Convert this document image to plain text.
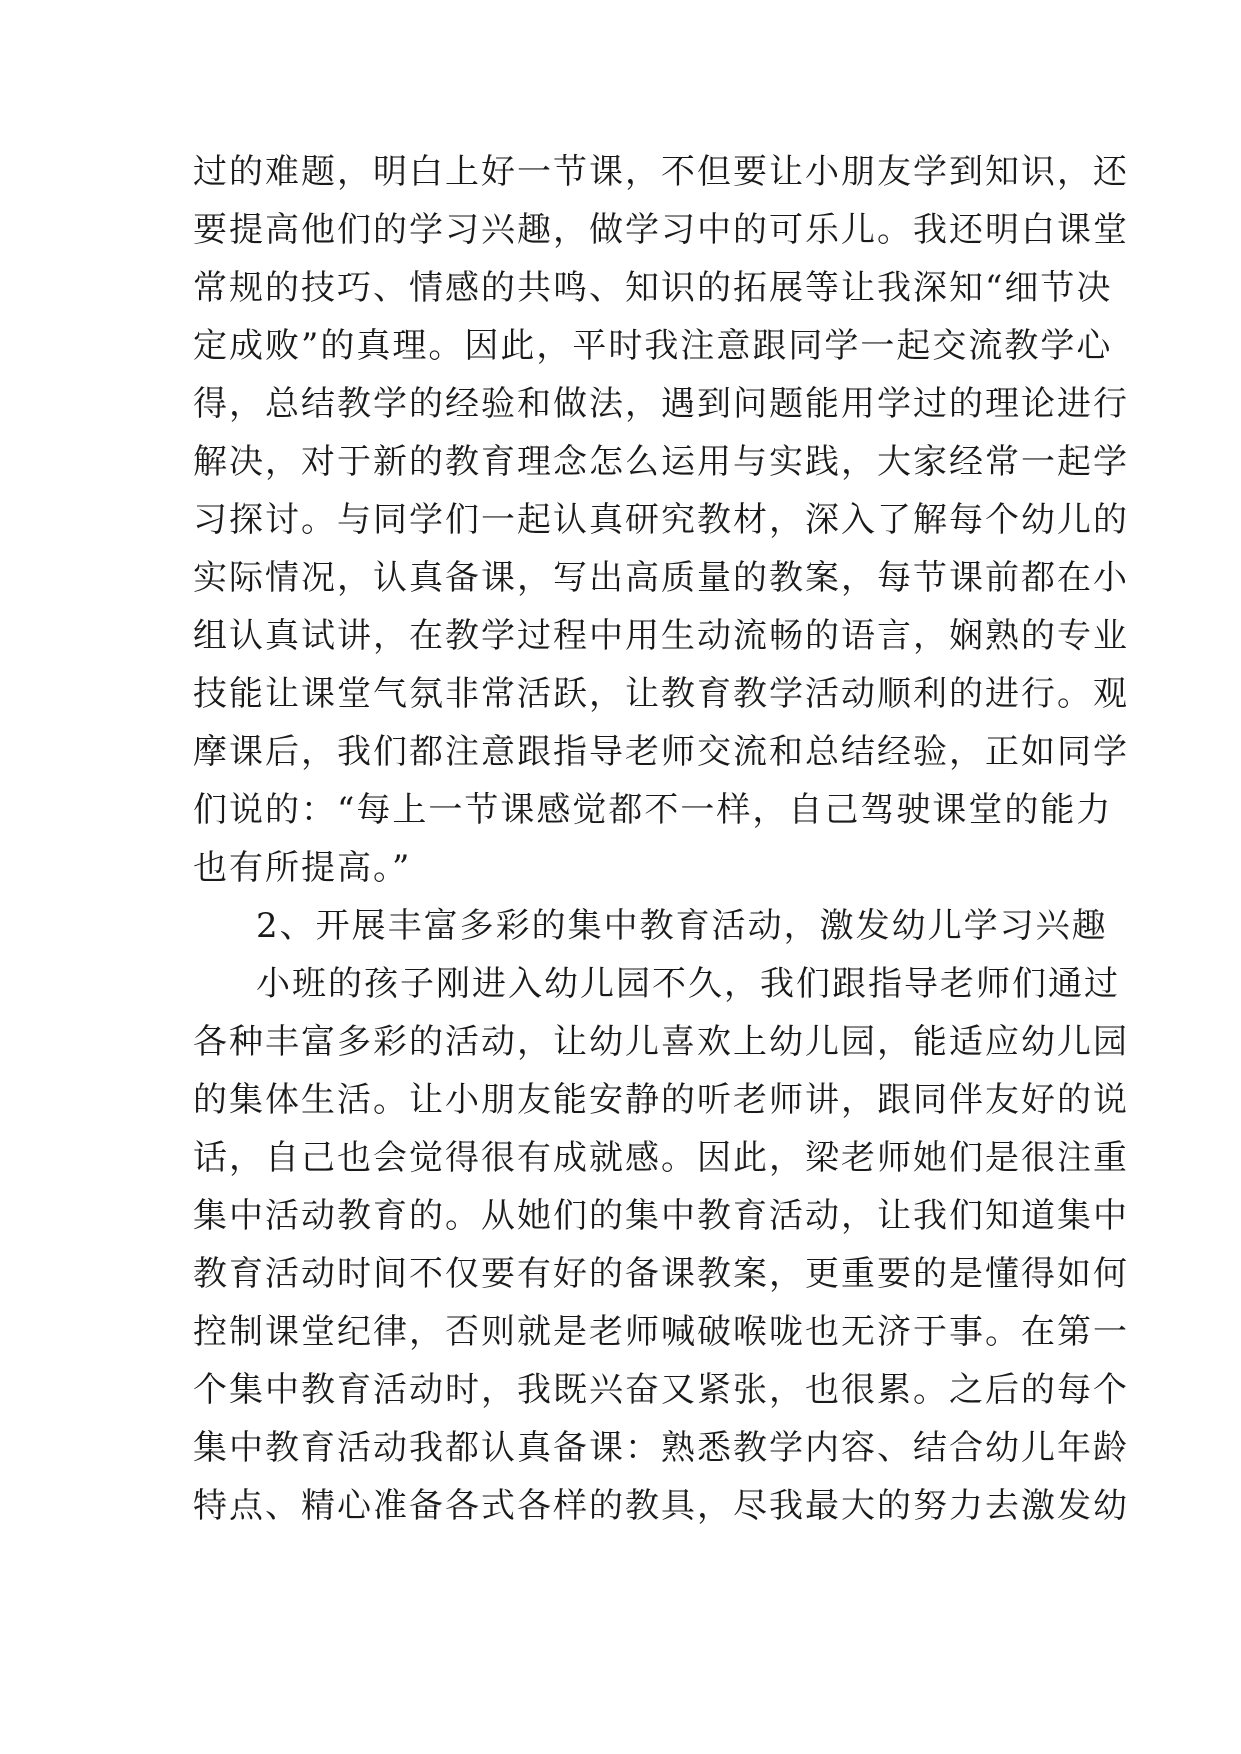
过的难题，明白上好一节课，不但要让小朋友学到知识，还
要提高他们的学习兴趣，做学习中的可乐儿。我还明白课堂
常规的技巧、情感的共鸣、知识的拓展等让我深知“细节决
定成败”的真理。因此，平时我注意跟同学一起交流教学心
得，总结教学的经验和做法，遇到问题能用学过的理论进行
解决，对于新的教育理念怎么运用与实践，大家经常一起学
习探讨。与同学们一起认真研究教材，深入了解每个幼儿的
实际情况，认真备课，写出高质量的教案，每节课前都在小
组认真试讲，在教学过程中用生动流畅的语言，娴熟的专业
技能让课堂气氛非常活跃，让教育教学活动顺利的进行。观
摩课后，我们都注意跟指导老师交流和总结经验，正如同学
们说的：“每上一节课感觉都不一样，自己驾驶课堂的能力
也有所提高。”
2、开展丰富多彩的集中教育活动，激发幼儿学习兴趣
小班的孩子刚进入幼儿园不久，我们跟指导老师们通过
各种丰富多彩的活动，让幼儿喜欢上幼儿园，能适应幼儿园
的集体生活。让小朋友能安静的听老师讲，跟同伴友好的说
话，自己也会觉得很有成就感。因此，梁老师她们是很注重
集中活动教育的。从她们的集中教育活动，让我们知道集中
教育活动时间不仅要有好的备课教案，更重要的是懂得如何
控制课堂纪律，否则就是老师喊破喉咙也无济于事。在第一
个集中教育活动时，我既兴奋又紧张，也很累。之后的每个
集中教育活动我都认真备课：熟悉教学内容、结合幼儿年龄
特点、精心准备各式各样的教具，尽我最大的努力去激发幼
